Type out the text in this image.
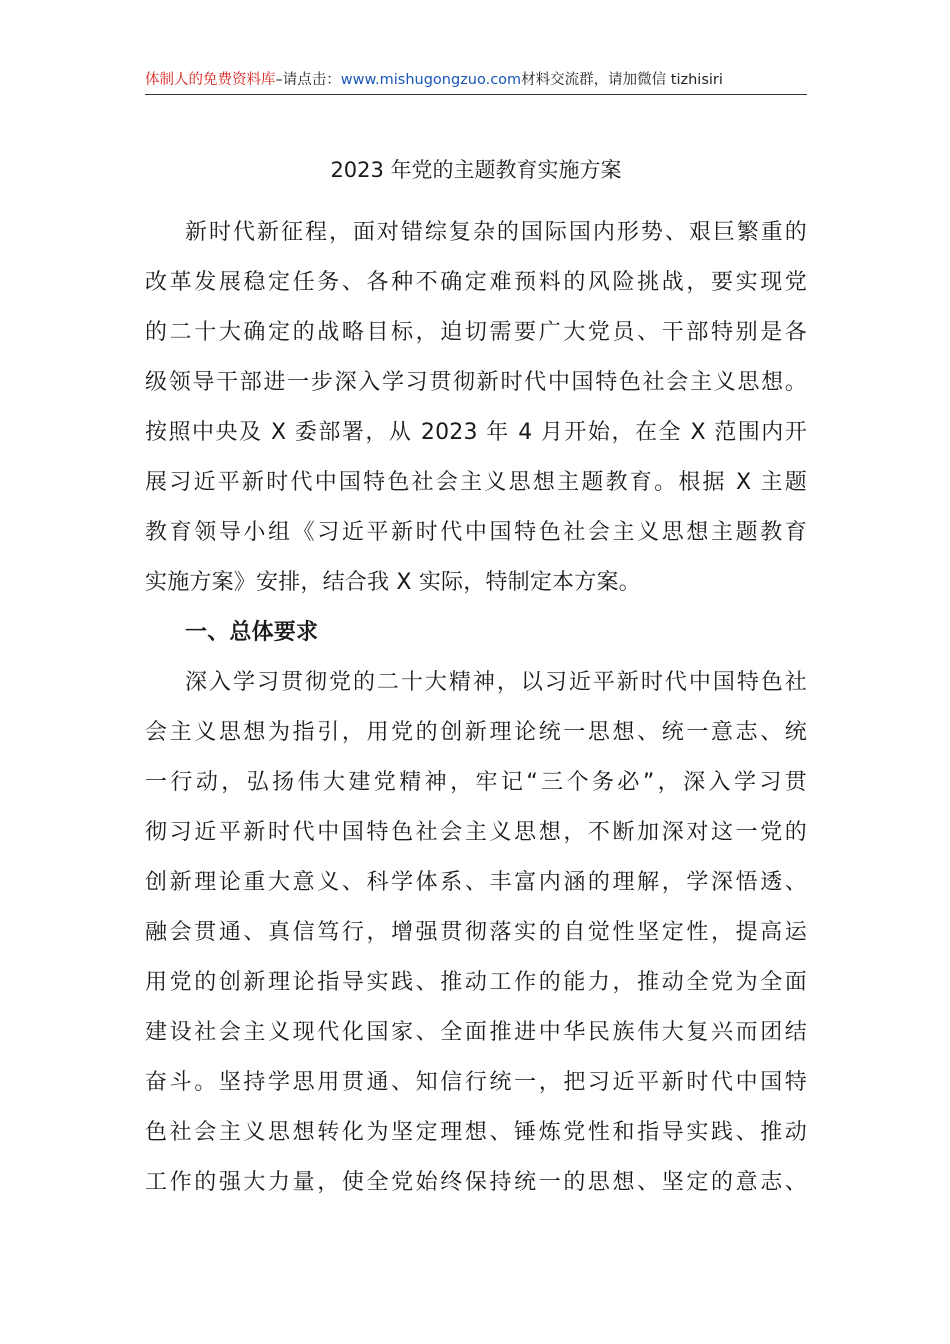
体制人的免费资料库–请点击：www.mishugongzuo.com材料交流群，请加微信 tizhisiri
2023 年党的主题教育实施方案
新时代新征程，面对错综复杂的国际国内形势、艰巨繁重的
改革发展稳定任务、各种不确定难预料的风险挑战，要实现党
的二十大确定的战略目标，迫切需要广大党员、干部特别是各
级领导干部进一步深入学习贯彻新时代中国特色社会主义思想。
按照中央及 X 委部署，从 2023 年 4 月开始，在全 X 范围内开
展习近平新时代中国特色社会主义思想主题教育。根据 X 主题
教育领导小组《习近平新时代中国特色社会主义思想主题教育
实施方案》安排，结合我 X 实际，特制定本方案。
一、总体要求
深入学习贯彻党的二十大精神，以习近平新时代中国特色社
会主义思想为指引，用党的创新理论统一思想、统一意志、统
一行动，弘扬伟大建党精神，牢记“三个务必”，深入学习贯
彻习近平新时代中国特色社会主义思想，不断加深对这一党的
创新理论重大意义、科学体系、丰富内涵的理解，学深悟透、
融会贯通、真信笃行，增强贯彻落实的自觉性坚定性，提高运
用党的创新理论指导实践、推动工作的能力，推动全党为全面
建设社会主义现代化国家、全面推进中华民族伟大复兴而团结
奋斗。坚持学思用贯通、知信行统一，把习近平新时代中国特
色社会主义思想转化为坚定理想、锤炼党性和指导实践、推动
工作的强大力量，使全党始终保持统一的思想、坚定的意志、
